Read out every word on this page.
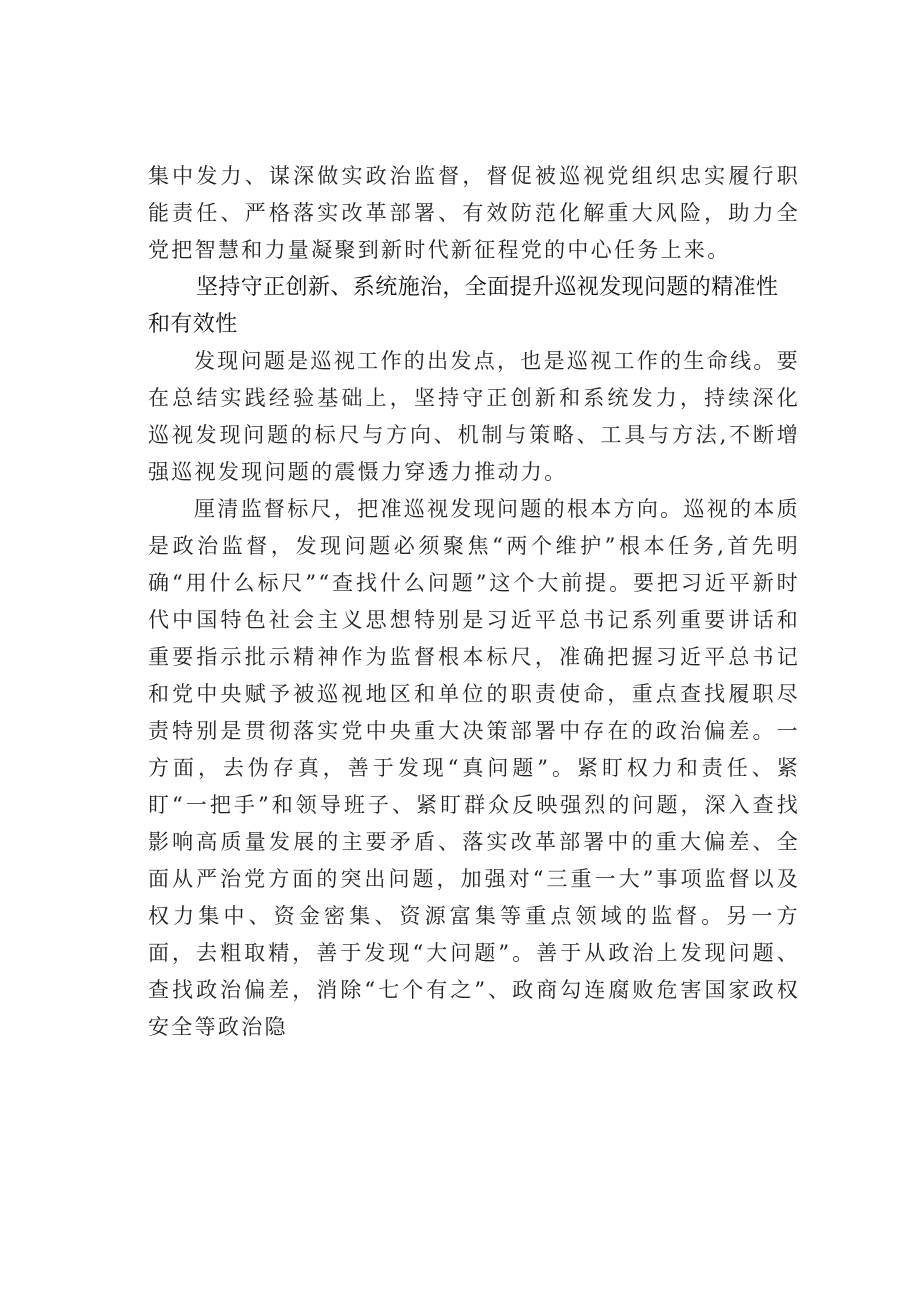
集中发力、谋深做实政治监督，督促被巡视党组织忠实履行职能责任、严格落实改革部署、有效防范化解重大风险，助力全党把智慧和力量凝聚到新时代新征程党的中心任务上来。

坚持守正创新、系统施治，全面提升巡视发现问题的精准性和有效性

发现问题是巡视工作的出发点，也是巡视工作的生命线。要在总结实践经验基础上，坚持守正创新和系统发力，持续深化巡视发现问题的标尺与方向、机制与策略、工具与方法,不断增强巡视发现问题的震慑力穿透力推动力。

厘清监督标尺，把准巡视发现问题的根本方向。巡视的本质是政治监督，发现问题必须聚焦“两个维护”根本任务,首先明确“用什么标尺”“查找什么问题”这个大前提。要把习近平新时代中国特色社会主义思想特别是习近平总书记系列重要讲话和重要指示批示精神作为监督根本标尺，准确把握习近平总书记和党中央赋予被巡视地区和单位的职责使命，重点查找履职尽责特别是贯彻落实党中央重大决策部署中存在的政治偏差。一方面，去伪存真，善于发现“真问题”。紧盯权力和责任、紧盯“一把手”和领导班子、紧盯群众反映强烈的问题，深入查找影响高质量发展的主要矛盾、落实改革部署中的重大偏差、全面从严治党方面的突出问题，加强对“三重一大”事项监督以及权力集中、资金密集、资源富集等重点领域的监督。另一方面，去粗取精，善于发现“大问题”。善于从政治上发现问题、查找政治偏差，消除“七个有之”、政商勾连腐败危害国家政权安全等政治隐
